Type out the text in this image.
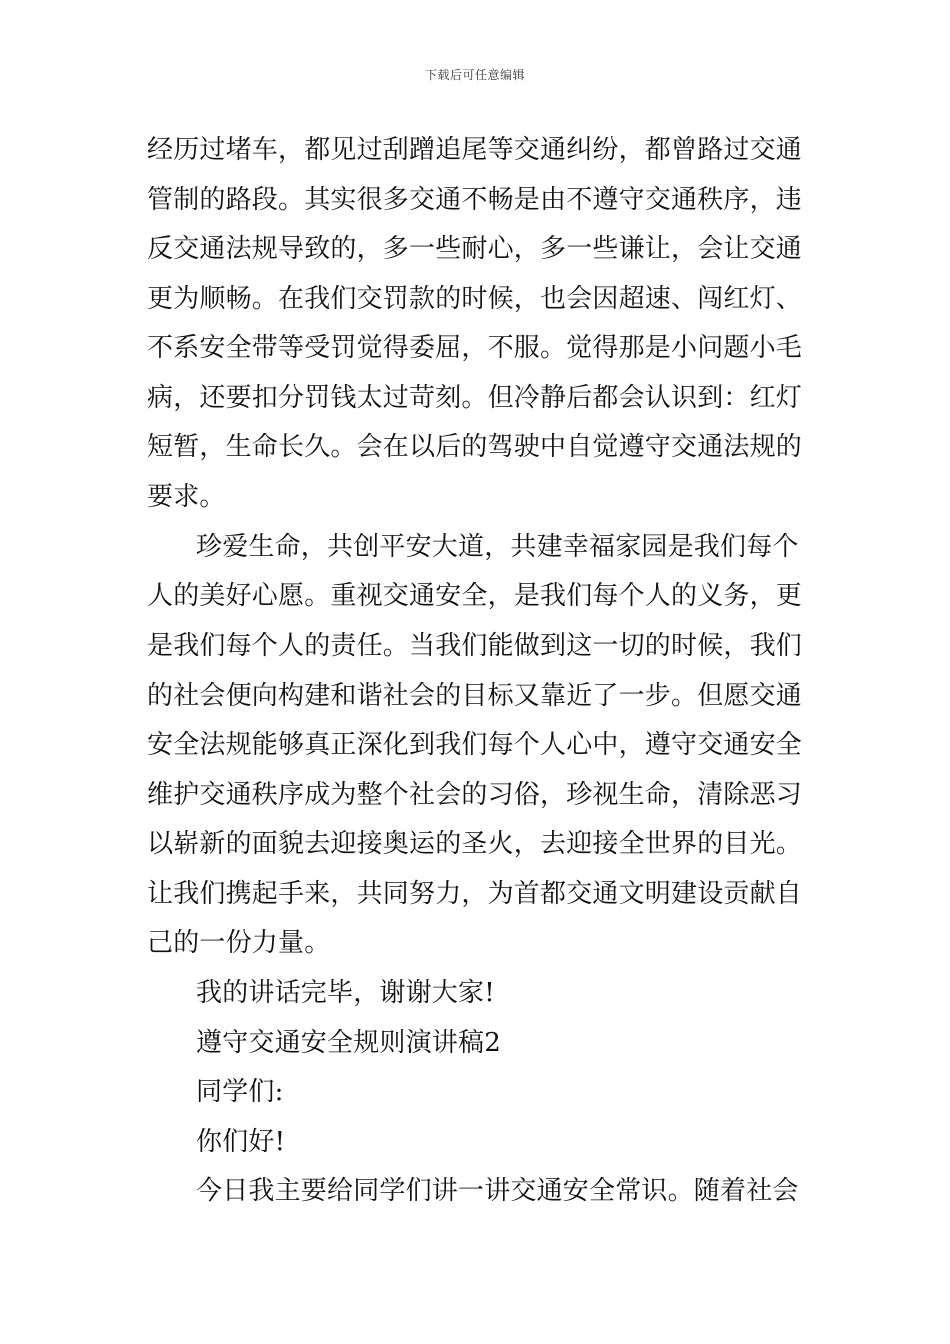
下载后可任意编辑
经历过堵车，都见过刮蹭追尾等交通纠纷，都曾路过交通
管制的路段。其实很多交通不畅是由不遵守交通秩序，违
反交通法规导致的，多一些耐心，多一些谦让，会让交通
更为顺畅。在我们交罚款的时候，也会因超速、闯红灯、
不系安全带等受罚觉得委屈，不服。觉得那是小问题小毛
病，还要扣分罚钱太过苛刻。但冷静后都会认识到：红灯
短暂，生命长久。会在以后的驾驶中自觉遵守交通法规的
要求。
珍爱生命，共创平安大道，共建幸福家园是我们每个
人的美好心愿。重视交通安全，是我们每个人的义务，更
是我们每个人的责任。当我们能做到这一切的时候，我们
的社会便向构建和谐社会的目标又靠近了一步。但愿交通
安全法规能够真正深化到我们每个人心中，遵守交通安全
维护交通秩序成为整个社会的习俗，珍视生命，清除恶习
以崭新的面貌去迎接奥运的圣火，去迎接全世界的目光。
让我们携起手来，共同努力，为首都交通文明建设贡献自
己的一份力量。
我的讲话完毕，谢谢大家!
遵守交通安全规则演讲稿2
同学们:
你们好!
今日我主要给同学们讲一讲交通安全常识。随着社会
